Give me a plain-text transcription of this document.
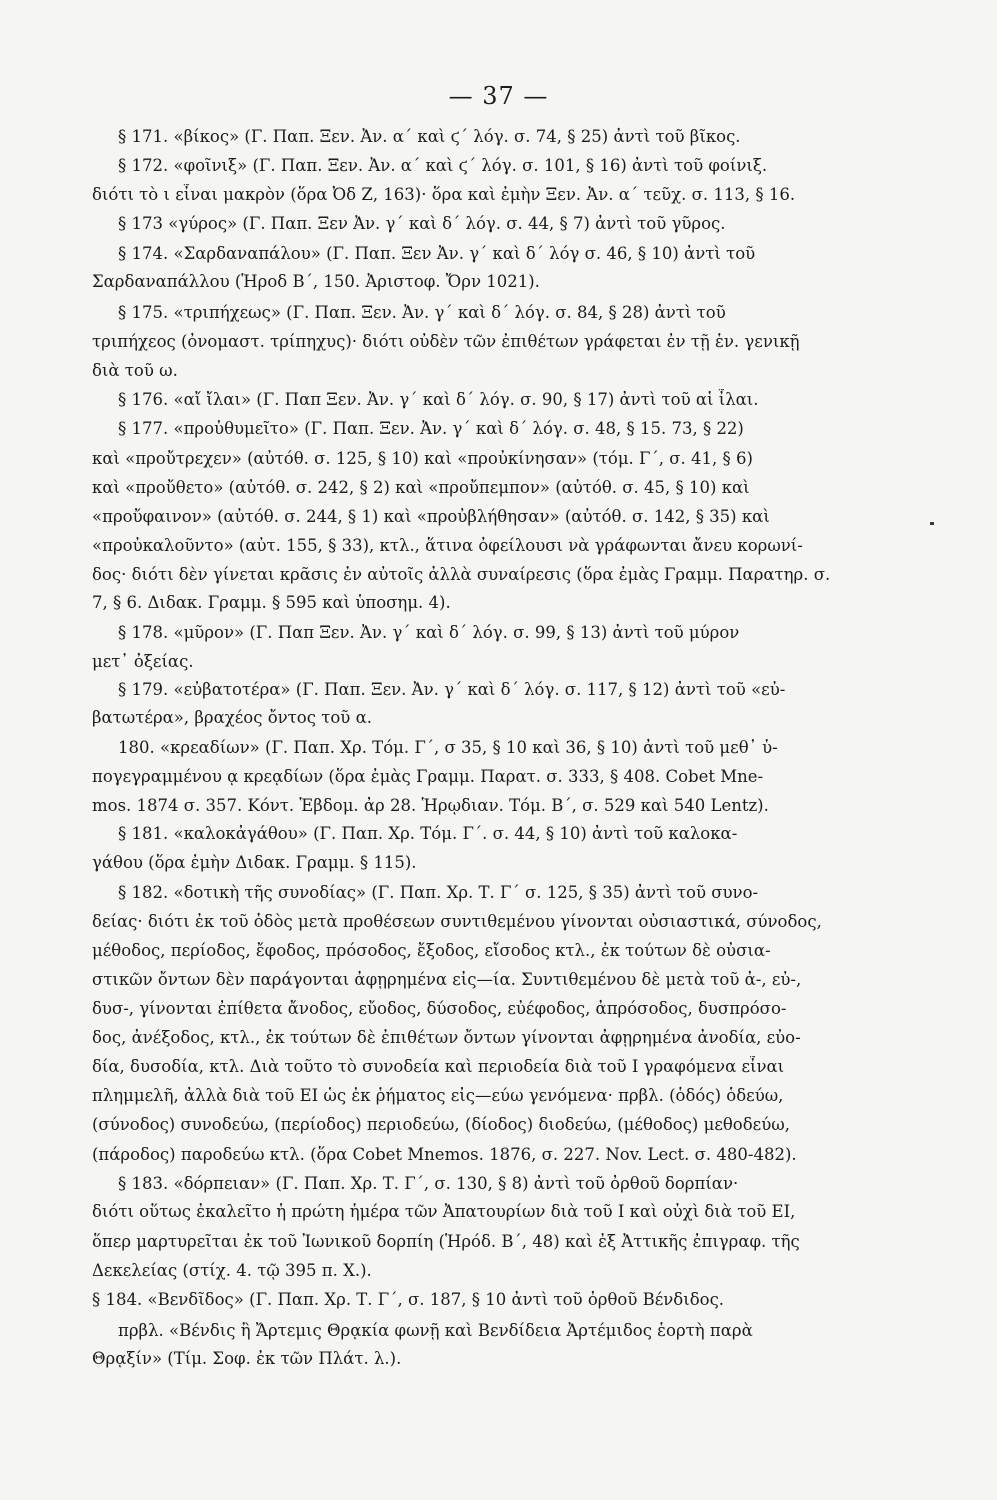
— 37 —
§ 171. «βίκος» (Γ. Παπ. Ξεν. Ἀν. α΄ καὶ ϛ΄ λόγ. σ. 74, § 25) ἀντὶ τοῦ βῖκος.
§ 172. «φοῖνιξ» (Γ. Παπ. Ξεν. Ἀν. α΄ καὶ ϛ΄ λόγ. σ. 101, § 16) ἀντὶ τοῦ φοίνιξ.
διότι τὸ ι εἶναι μακρὸν (ὅρα Ὀδ Ζ, 163)· ὅρα καὶ ἐμὴν Ξεν. Ἀν. α΄ τεῦχ. σ. 113, § 16.
§ 173 «γύρος» (Γ. Παπ. Ξεν Ἀν. γ΄ καὶ δ΄ λόγ. σ. 44, § 7) ἀντὶ τοῦ γῦρος.
§ 174. «Σαρδαναπάλου» (Γ. Παπ. Ξεν Ἀν. γ΄ καὶ δ΄ λόγ σ. 46, § 10) ἀντὶ τοῦ
Σαρδαναπάλλου (Ἡροδ Β΄, 150. Ἀριστοφ. Ὄρν 1021).
§ 175. «τριπήχεως» (Γ. Παπ. Ξεν. Ἀν. γ΄ καὶ δ΄ λόγ. σ. 84, § 28) ἀντὶ τοῦ
τριπήχεος (ὀνομαστ. τρίπηχυς)· διότι οὐδὲν τῶν ἐπιθέτων γράφεται ἐν τῇ ἑν. γενικῇ
διὰ τοῦ ω.
§ 176. «αἴ ἴλαι» (Γ. Παπ Ξεν. Ἀν. γ΄ καὶ δ΄ λόγ. σ. 90, § 17) ἀντὶ τοῦ αἱ ἶλαι.
§ 177. «προὐθυμεῖτο» (Γ. Παπ. Ξεν. Ἀν. γ΄ καὶ δ΄ λόγ. σ. 48, § 15. 73, § 22)
καὶ «προὔτρεχεν» (αὐτόθ. σ. 125, § 10) καὶ «προὐκίνησαν» (τόμ. Γ΄, σ. 41, § 6)
καὶ «προὔθετο» (αὐτόθ. σ. 242, § 2) καὶ «προὔπεμπον» (αὐτόθ. σ. 45, § 10) καὶ
«προὔφαινον» (αὐτόθ. σ. 244, § 1) καὶ «προὐβλήθησαν» (αὐτόθ. σ. 142, § 35) καὶ
«προὐκαλοῦντο» (αὐτ. 155, § 33), κτλ., ἅτινα ὀφείλουσι νὰ γράφωνται ἄνευ κορωνί-
δος· διότι δὲν γίνεται κρᾶσις ἐν αὐτοῖς ἀλλὰ συναίρεσις (ὅρα ἐμὰς Γραμμ. Παρατηρ. σ.
7, § 6. Διδακ. Γραμμ. § 595 καὶ ὑποσημ. 4).
§ 178. «μῦρον» (Γ. Παπ Ξεν. Ἀν. γ΄ καὶ δ΄ λόγ. σ. 99, § 13) ἀντὶ τοῦ μύρον
μετ᾽ ὀξείας.
§ 179. «εὐβατοτέρα» (Γ. Παπ. Ξεν. Ἀν. γ΄ καὶ δ΄ λόγ. σ. 117, § 12) ἀντὶ τοῦ «εὐ-
βατωτέρα», βραχέος ὄντος τοῦ α.
180. «κρεαδίων» (Γ. Παπ. Χρ. Τόμ. Γ΄, σ 35, § 10 καὶ 36, § 10) ἀντὶ τοῦ μεθ᾽ ὑ-
πογεγραμμένου ᾳ κρεᾳδίων (ὅρα ἐμὰς Γραμμ. Παρατ. σ. 333, § 408. Cobet Mne-
mos. 1874 σ. 357. Κόντ. Ἑβδομ. ἀρ 28. Ἡρῳδιαν. Τόμ. Β΄, σ. 529 καὶ 540 Lentz).
§ 181. «καλοκἀγάθου» (Γ. Παπ. Χρ. Τόμ. Γ΄. σ. 44, § 10) ἀντὶ τοῦ καλοκα-
γάθου (ὅρα ἐμὴν Διδακ. Γραμμ. § 115).
§ 182. «δοτικὴ τῆς συνοδίας» (Γ. Παπ. Χρ. Τ. Γ΄ σ. 125, § 35) ἀντὶ τοῦ συνο-
δείας· διότι ἐκ τοῦ ὁδὸς μετὰ προθέσεων συντιθεμένου γίνονται οὐσιαστικά, σύνοδος,
μέθοδος, περίοδος, ἔφοδος, πρόσοδος, ἔξοδος, εἴσοδος κτλ., ἐκ τούτων δὲ οὐσια-
στικῶν ὄντων δὲν παράγονται ἀφῃρημένα εἰς—ία. Συντιθεμένου δὲ μετὰ τοῦ ἀ-, εὐ-,
δυσ-, γίνονται ἐπίθετα ἄνοδος, εὔοδος, δύσοδος, εὐέφοδος, ἀπρόσοδος, δυσπρόσο-
δος, ἀνέξοδος, κτλ., ἐκ τούτων δὲ ἐπιθέτων ὄντων γίνονται ἀφῃρημένα ἀνοδία, εὐο-
δία, δυσοδία, κτλ. Διὰ τοῦτο τὸ συνοδεία καὶ περιοδεία διὰ τοῦ Ι γραφόμενα εἶναι
πλημμελῆ, ἀλλὰ διὰ τοῦ ΕΙ ὡς ἐκ ῥήματος εἰς—εύω γενόμενα· πρβλ. (ὁδός) ὁδεύω,
(σύνοδος) συνοδεύω, (περίοδος) περιοδεύω, (δίοδος) διοδεύω, (μέθοδος) μεθοδεύω,
(πάροδος) παροδεύω κτλ. (ὅρα Cobet Mnemos. 1876, σ. 227. Nov. Lect. σ. 480-482).
§ 183. «δόρπειαν» (Γ. Παπ. Χρ. Τ. Γ΄, σ. 130, § 8) ἀντὶ τοῦ ὀρθοῦ δορπίαν·
διότι οὕτως ἐκαλεῖτο ἡ πρώτη ἡμέρα τῶν Ἀπατουρίων διὰ τοῦ Ι καὶ οὐχὶ διὰ τοῦ ΕΙ,
ὅπερ μαρτυρεῖται ἐκ τοῦ Ἰωνικοῦ δορπίη (Ἡρόδ. Β΄, 48) καὶ ἐξ Ἀττικῆς ἐπιγραφ. τῆς
Δεκελείας (στίχ. 4. τῷ 395 π. Χ.).
§ 184. «Βενδῖδος» (Γ. Παπ. Χρ. Τ. Γ΄, σ. 187, § 10 ἀντὶ τοῦ ὀρθοῦ Βένδιδος.
πρβλ. «Βένδις ἢ Ἄρτεμις Θρᾳκία φωνῇ καὶ Βενδίδεια Ἀρτέμιδος ἑορτὴ παρὰ
Θρᾳξίν» (Τίμ. Σοφ. ἐκ τῶν Πλάτ. λ.).
